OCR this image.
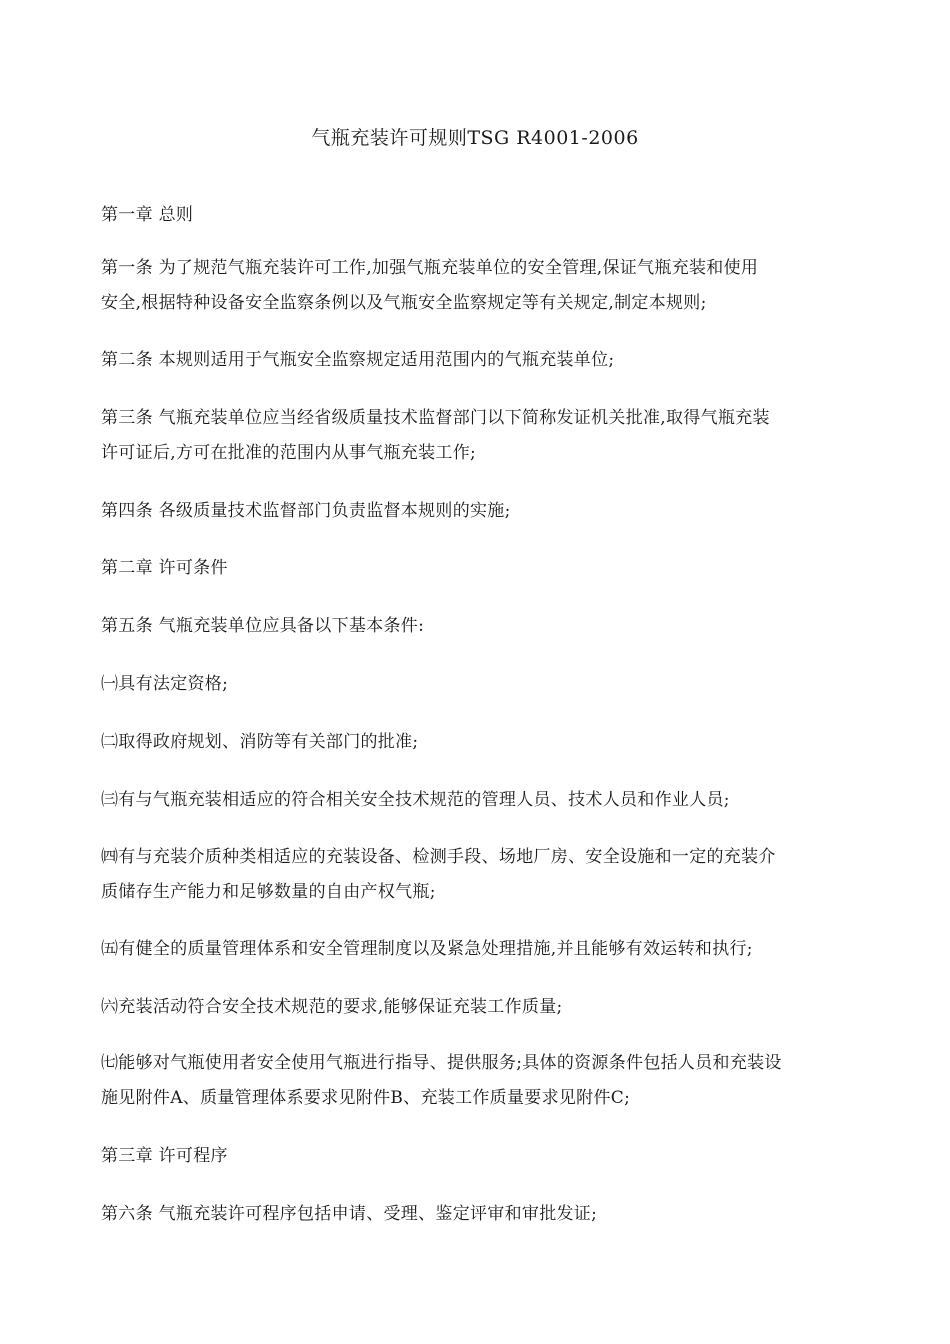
气瓶充装许可规则TSG R4001-2006
第一章 总则
第一条 为了规范气瓶充装许可工作,加强气瓶充装单位的安全管理,保证气瓶充装和使用
安全,根据特种设备安全监察条例以及气瓶安全监察规定等有关规定,制定本规则;
第二条 本规则适用于气瓶安全监察规定适用范围内的气瓶充装单位;
第三条 气瓶充装单位应当经省级质量技术监督部门以下简称发证机关批准,取得气瓶充装
许可证后,方可在批准的范围内从事气瓶充装工作;
第四条 各级质量技术监督部门负责监督本规则的实施;
第二章 许可条件
第五条 气瓶充装单位应具备以下基本条件:
㈠具有法定资格;
㈡取得政府规划、消防等有关部门的批准;
㈢有与气瓶充装相适应的符合相关安全技术规范的管理人员、技术人员和作业人员;
㈣有与充装介质种类相适应的充装设备、检测手段、场地厂房、安全设施和一定的充装介
质储存生产能力和足够数量的自由产权气瓶;
㈤有健全的质量管理体系和安全管理制度以及紧急处理措施,并且能够有效运转和执行;
㈥充装活动符合安全技术规范的要求,能够保证充装工作质量;
㈦能够对气瓶使用者安全使用气瓶进行指导、提供服务;具体的资源条件包括人员和充装设
施见附件A、质量管理体系要求见附件B、充装工作质量要求见附件C;
第三章 许可程序
第六条 气瓶充装许可程序包括申请、受理、鉴定评审和审批发证;
